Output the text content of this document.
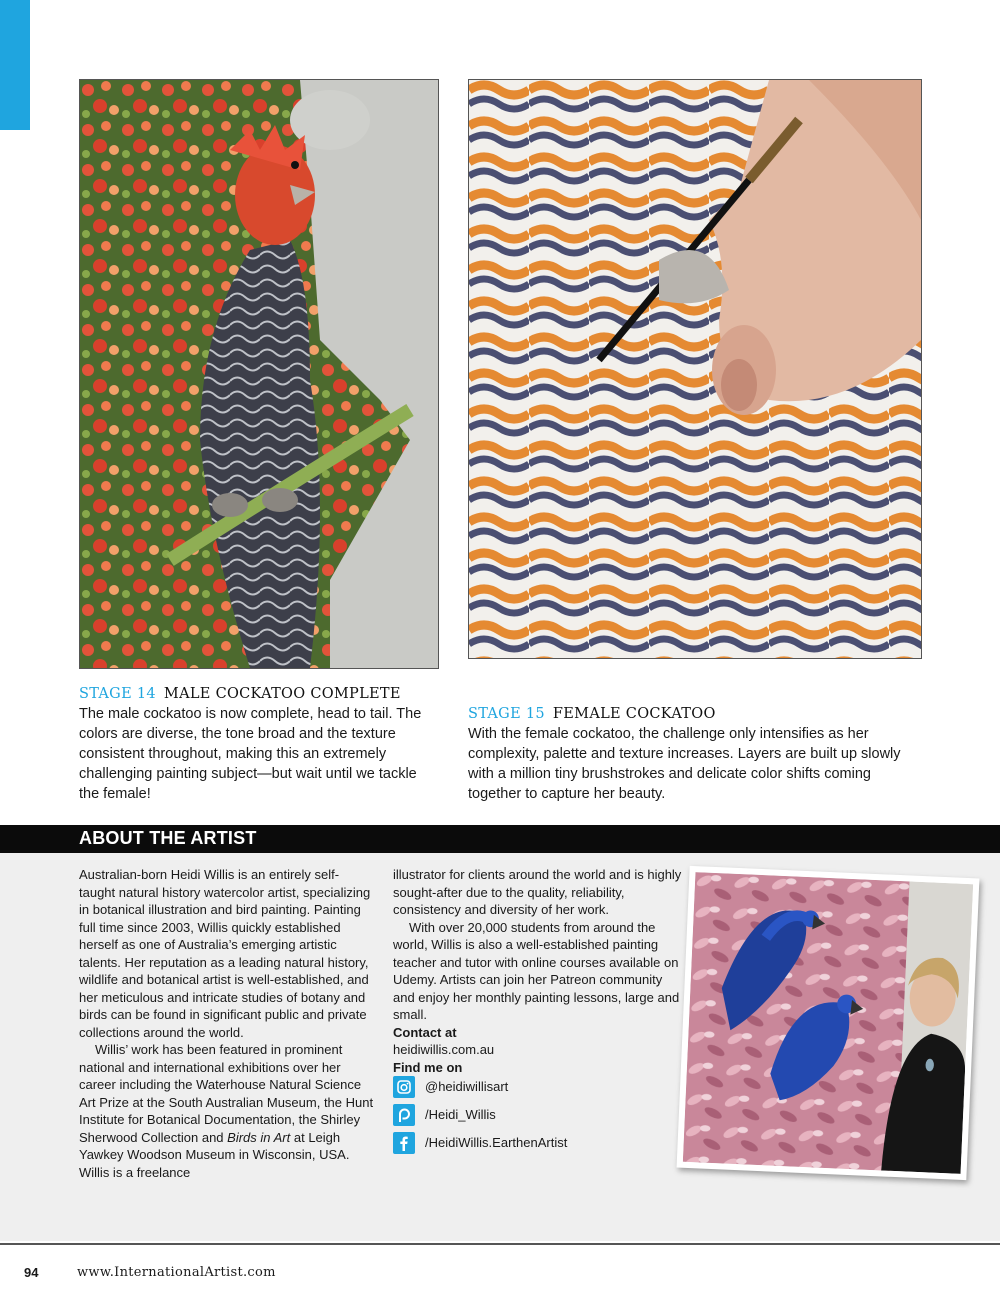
STAGE 14 MALE COCKATOO COMPLETE
The male cockatoo is now complete, head to tail. The colors are diverse, the tone broad and the texture consistent throughout, making this an extremely challenging painting subject—but wait until we tackle the female!
STAGE 15 FEMALE COCKATOO
With the female cockatoo, the challenge only intensifies as her complexity, palette and texture increases. Layers are built up slowly with a million tiny brushstrokes and delicate color shifts coming together to capture her beauty.
ABOUT THE ARTIST

Australian-born Heidi Willis is an entirely self-taught natural history watercolor artist, specializing in botanical illustration and bird painting. Painting full time since 2003, Willis quickly established herself as one of Australia’s emerging artistic talents. Her reputation as a leading natural history, wildlife and botanical artist is well-established, and her meticulous and intricate studies of botany and birds can be found in significant public and private collections around the world.

Willis’ work has been featured in prominent national and international exhibitions over her career including the Waterhouse Natural Science Art Prize at the South Australian Museum, the Hunt Institute for Botanical Documentation, the Shirley Sherwood Collection and Birds in Art at Leigh Yawkey Woodson Museum in Wisconsin, USA. Willis is a freelance

illustrator for clients around the world and is highly sought-after due to the quality, reliability, consistency and diversity of her work.

With over 20,000 students from around the world, Willis is also a well-established painting teacher and tutor with online courses available on Udemy. Artists can join her Patreon community and enjoy her monthly painting lessons, large and small.

Contact at

heidiwillis.com.au

Find me on

@heidiwillisart
/Heidi_Willis
/HeidiWillis.EarthenArtist
94	www.InternationalArtist.com
